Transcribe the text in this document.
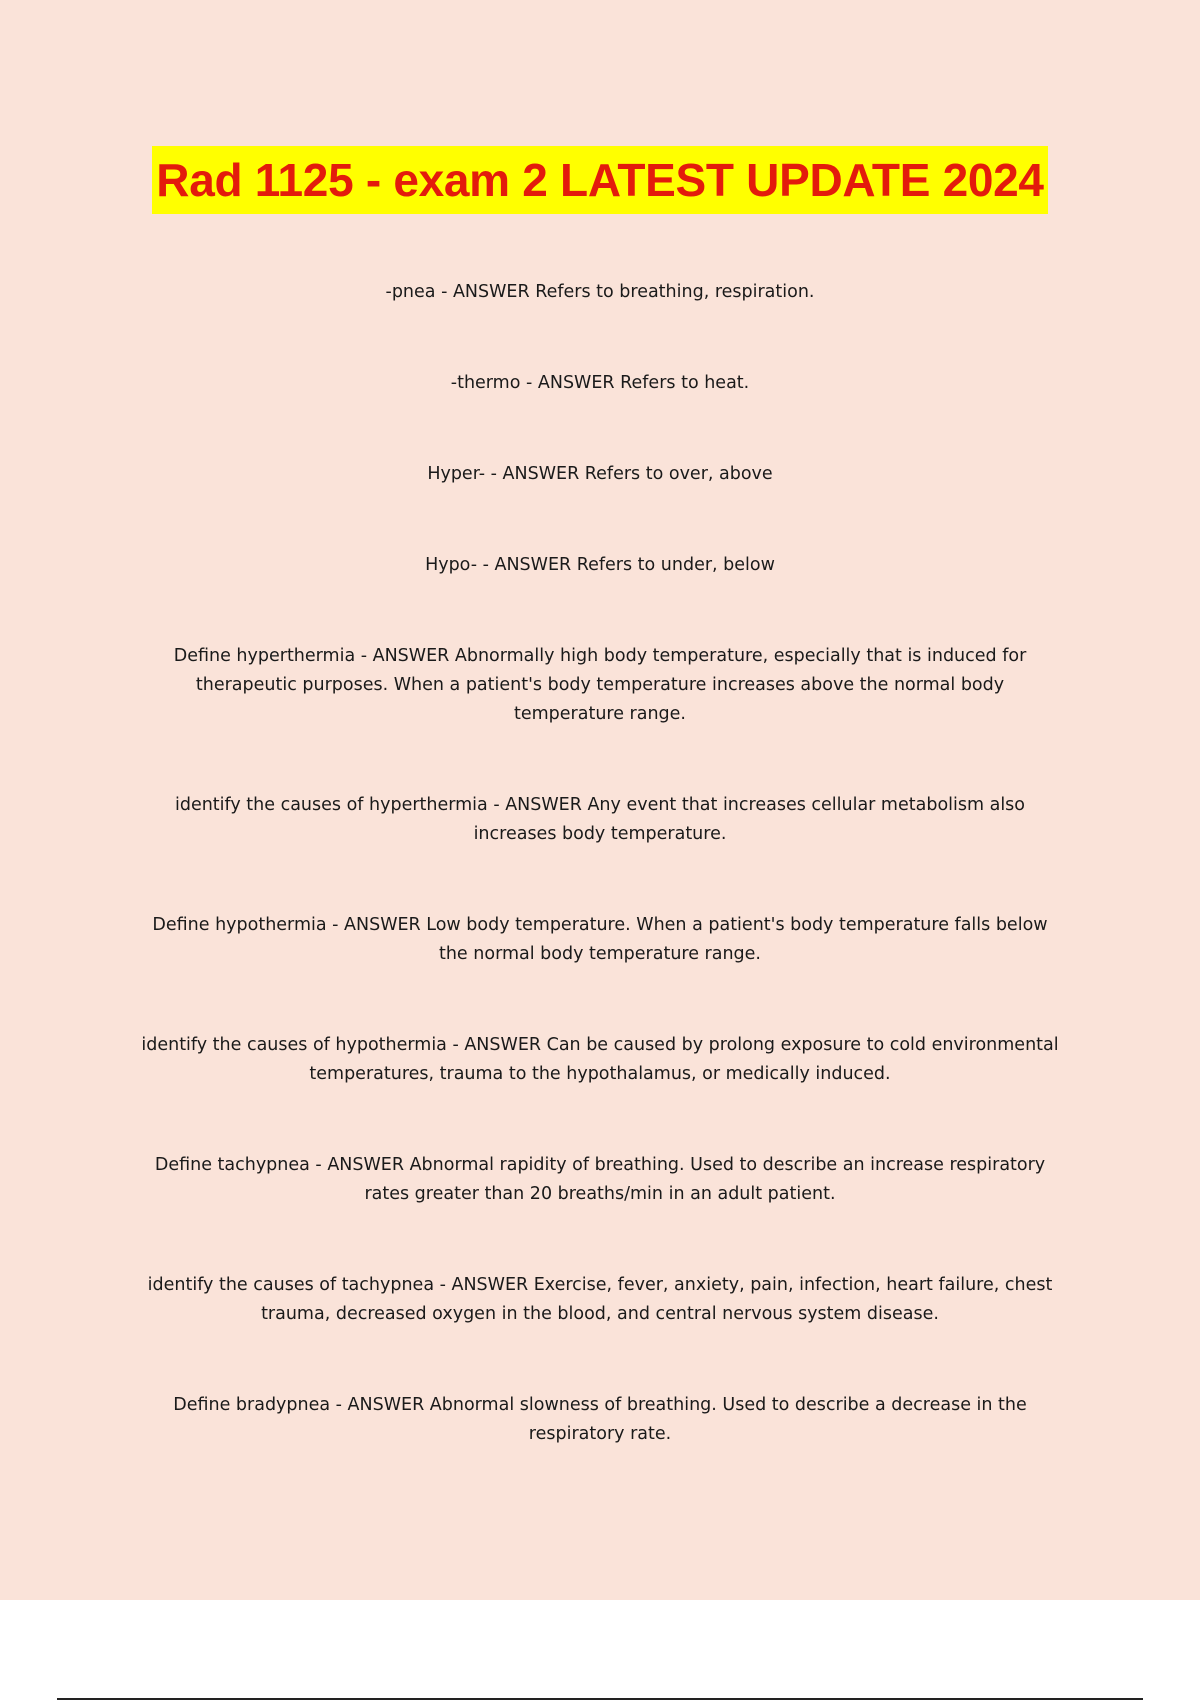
Rad 1125 - exam 2 LATEST UPDATE 2024

-pnea - ANSWER Refers to breathing, respiration.

-thermo - ANSWER Refers to heat.

Hyper- - ANSWER Refers to over, above

Hypo- - ANSWER Refers to under, below

Define hyperthermia - ANSWER Abnormally high body temperature, especially that is induced for therapeutic purposes. When a patient's body temperature increases above the normal body temperature range.

identify the causes of hyperthermia - ANSWER Any event that increases cellular metabolism also increases body temperature.

Define hypothermia - ANSWER Low body temperature. When a patient's body temperature falls below the normal body temperature range.

identify the causes of hypothermia - ANSWER Can be caused by prolong exposure to cold environmental temperatures, trauma to the hypothalamus, or medically induced.

Define tachypnea - ANSWER Abnormal rapidity of breathing. Used to describe an increase respiratory rates greater than 20 breaths/min in an adult patient.

identify the causes of tachypnea - ANSWER Exercise, fever, anxiety, pain, infection, heart failure, chest trauma, decreased oxygen in the blood, and central nervous system disease.

Define bradypnea - ANSWER Abnormal slowness of breathing. Used to describe a decrease in the respiratory rate.
